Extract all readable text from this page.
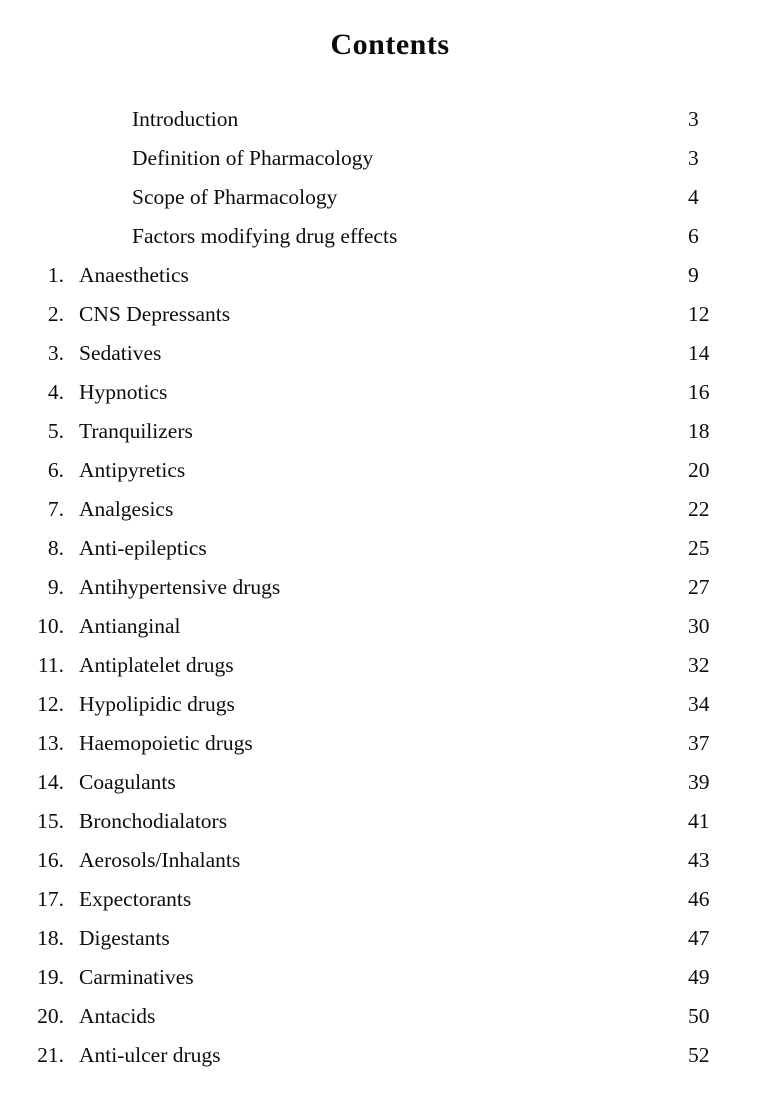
Contents
Introduction	3
Definition of Pharmacology	3
Scope of Pharmacology	4
Factors modifying drug effects	6
1. Anaesthetics	9
2. CNS Depressants	12
3. Sedatives	14
4. Hypnotics	16
5. Tranquilizers	18
6. Antipyretics	20
7. Analgesics	22
8. Anti-epileptics	25
9. Antihypertensive drugs	27
10. Antianginal	30
11. Antiplatelet drugs	32
12. Hypolipidic drugs	34
13. Haemopoietic drugs	37
14. Coagulants	39
15. Bronchodialators	41
16. Aerosols/Inhalants	43
17. Expectorants	46
18. Digestants	47
19. Carminatives	49
20. Antacids	50
21. Anti-ulcer drugs	52
